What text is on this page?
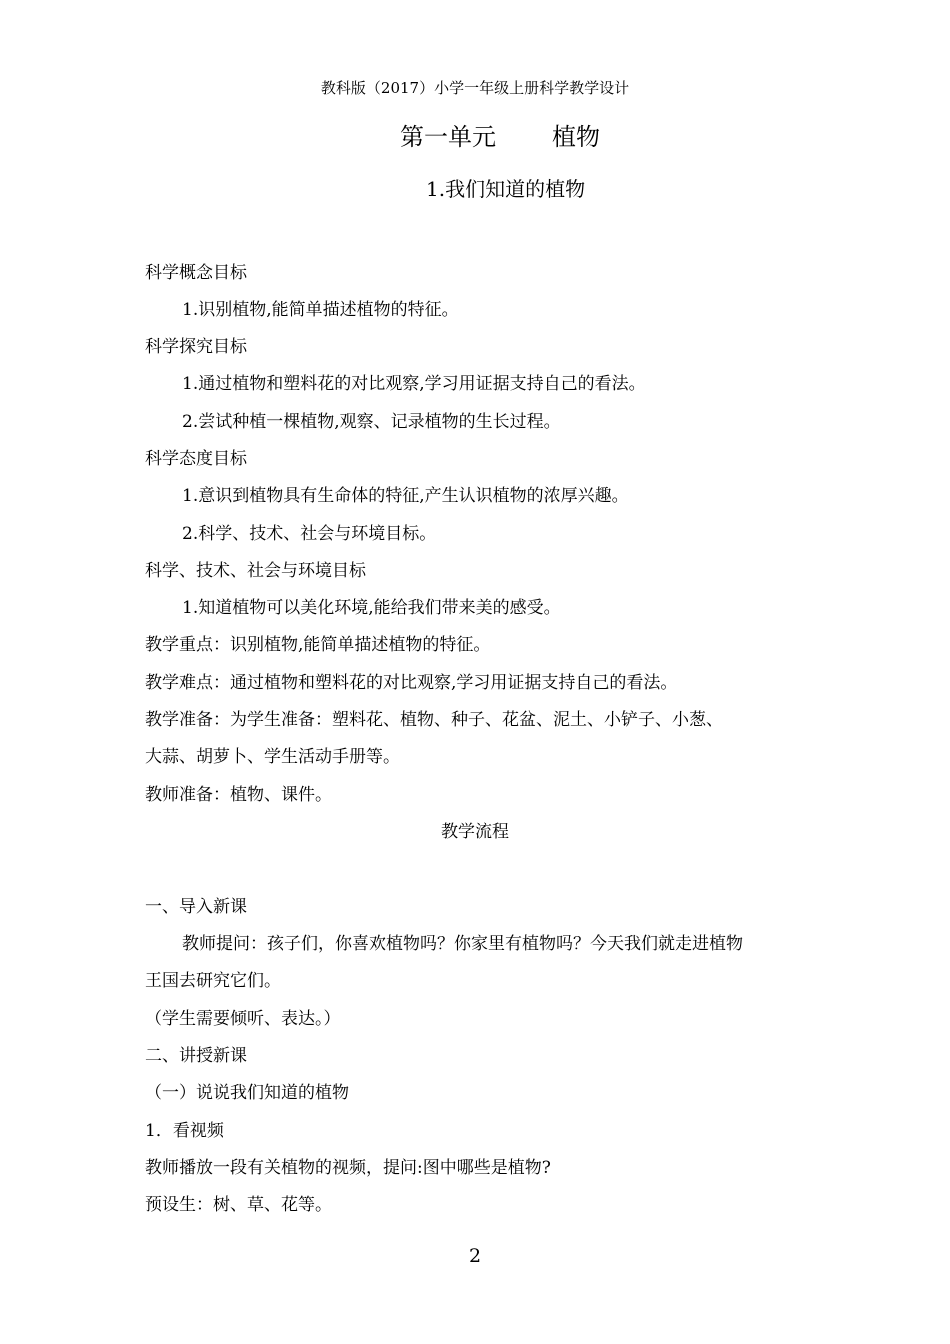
教科版（2017）小学一年级上册科学教学设计
第一单元 植物
1.我们知道的植物
科学概念目标
1.识别植物,能简单描述植物的特征。
科学探究目标
1.通过植物和塑料花的对比观察,学习用证据支持自己的看法。
2.尝试种植一棵植物,观察、记录植物的生长过程。
科学态度目标
1.意识到植物具有生命体的特征,产生认识植物的浓厚兴趣。
2.科学、技术、社会与环境目标。
科学、技术、社会与环境目标
1.知道植物可以美化环境,能给我们带来美的感受。
教学重点：识别植物,能简单描述植物的特征。
教学难点：通过植物和塑料花的对比观察,学习用证据支持自己的看法。
教学准备：为学生准备：塑料花、植物、种子、花盆、泥土、小铲子、小葱、
大蒜、胡萝卜、学生活动手册等。
教师准备：植物、课件。
教学流程
一、导入新课
教师提问：孩子们，你喜欢植物吗？你家里有植物吗？今天我们就走进植物
王国去研究它们。
（学生需要倾听、表达。）
二、讲授新课
（一）说说我们知道的植物
1．看视频
教师播放一段有关植物的视频，提问:图中哪些是植物?
预设生：树、草、花等。
2
